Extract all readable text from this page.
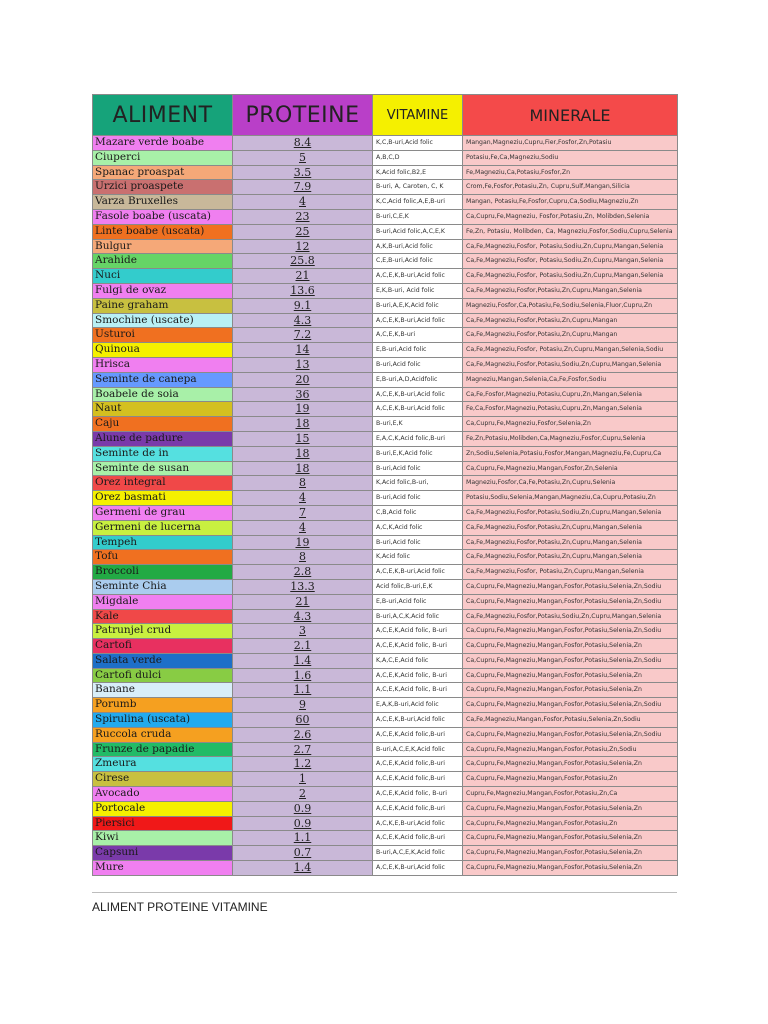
ALIMENT	PROTEINE	VITAMINE	MINERALE
Mazare verde boabe	8.4	K,C,B-uri,Acid folic	Mangan,Magneziu,Cupru,Fier,Fosfor,Zn,Potasiu
Ciuperci	5	A,B,C,D	Potasiu,Fe,Ca,Magneziu,Sodiu
Spanac proaspat	3.5	K,Acid folic,B2,E	Fe,Magneziu,Ca,Potasiu,Fosfor,Zn
Urzici proaspete	7.9	B-uri, A, Caroten, C, K	Crom,Fe,Fosfor,Potasiu,Zn, Cupru,Sulf,Mangan,Silicia
Varza Bruxelles	4	K,C,Acid folic,A,E,B-uri	Mangan, Potasiu,Fe,Fosfor,Cupru,Ca,Sodiu,Magneziu,Zn
Fasole boabe (uscata)	23	B-uri,C,E,K	Ca,Cupru,Fe,Magneziu, Fosfor,Potasiu,Zn, Molibden,Selenia
Linte boabe (uscata)	25	B-uri,Acid folic,A,C,E,K	Fe,Zn, Potasiu, Molibden, Ca, Magneziu,Fosfor,Sodiu,Cupru,Selenia
Bulgur	12	A,K,B-uri,Acid folic	Ca,Fe,Magneziu,Fosfor, Potasiu,Sodiu,Zn,Cupru,Mangan,Selenia
Arahide	25.8	C,E,B-uri,Acid folic	Ca,Fe,Magneziu,Fosfor, Potasiu,Sodiu,Zn,Cupru,Mangan,Selenia
Nuci	21	A,C,E,K,B-uri,Acid folic	Ca,Fe,Magneziu,Fosfor, Potasiu,Sodiu,Zn,Cupru,Mangan,Selenia
Fulgi de ovaz	13.6	E,K,B-uri, Acid folic	Ca,Fe,Magneziu,Fosfor,Potasiu,Zn,Cupru,Mangan,Selenia
Paine graham	9.1	B-uri,A,E,K,Acid folic	Magneziu,Fosfor,Ca,Potasiu,Fe,Sodiu,Selenia,Fluor,Cupru,Zn
Smochine (uscate)	4.3	A,C,E,K,B-uri,Acid folic	Ca,Fe,Magneziu,Fosfor,Potasiu,Zn,Cupru,Mangan
Usturoi	7.2	A,C,E,K,B-uri	Ca,Fe,Magneziu,Fosfor,Potasiu,Zn,Cupru,Mangan
Quinoua	14	E,B-uri,Acid folic	Ca,Fe,Magneziu,Fosfor, Potasiu,Zn,Cupru,Mangan,Selenia,Sodiu
Hrisca	13	B-uri,Acid folic	Ca,Fe,Magneziu,Fosfor,Potasiu,Sodiu,Zn,Cupru,Mangan,Selenia
Seminte de canepa	20	E,B-uri,A,D,Acidfolic	Magneziu,Mangan,Selenia,Ca,Fe,Fosfor,Sodiu
Boabele de soia	36	A,C,E,K,B-uri,Acid folic	Ca,Fe,Fosfor,Magneziu,Potasiu,Cupru,Zn,Mangan,Selenia
Naut	19	A,C,E,K,B-uri,Acid folic	Fe,Ca,Fosfor,Magneziu,Potasiu,Cupru,Zn,Mangan,Selenia
Caju	18	B-uri,E,K	Ca,Cupru,Fe,Magneziu,Fosfor,Selenia,Zn
Alune de padure	15	E,A,C,K,Acid folic,B-uri	Fe,Zn,Potasiu,Molibden,Ca,Magneziu,Fosfor,Cupru,Selenia
Seminte de in	18	B-uri,E,K,Acid folic	Zn,Sodiu,Selenia,Potasiu,Fosfor,Mangan,Magneziu,Fe,Cupru,Ca
Seminte de susan	18	B-uri,Acid folic	Ca,Cupru,Fe,Magneziu,Mangan,Fosfor,Zn,Selenia
Orez integral	8	K,Acid folic,B-uri,	Magneziu,Fosfor,Ca,Fe,Potasiu,Zn,Cupru,Selenia
Orez basmati	4	B-uri,Acid folic	Potasiu,Sodiu,Selenia,Mangan,Magneziu,Ca,Cupru,Potasiu,Zn
Germeni de grau	7	C,B,Acid folic	Ca,Fe,Magneziu,Fosfor,Potasiu,Sodiu,Zn,Cupru,Mangan,Selenia
Germeni de lucerna	4	A,C,K,Acid folic	Ca,Fe,Magneziu,Fosfor,Potasiu,Zn,Cupru,Mangan,Selenia
Tempeh	19	B-uri,Acid folic	Ca,Fe,Magneziu,Fosfor,Potasiu,Zn,Cupru,Mangan,Selenia
Tofu	8	K,Acid folic	Ca,Fe,Magneziu,Fosfor,Potasiu,Zn,Cupru,Mangan,Selenia
Broccoli	2.8	A,C,E,K,B-uri,Acid folic	Ca,Fe,Magneziu,Fosfor, Potasiu,Zn,Cupru,Mangan,Selenia
Seminte Chia	13.3	Acid folic,B-uri,E,K	Ca,Cupru,Fe,Magneziu,Mangan,Fosfor,Potasiu,Selenia,Zn,Sodiu
Migdale	21	E,B-uri,Acid folic	Ca,Cupru,Fe,Magneziu,Mangan,Fosfor,Potasiu,Selenia,Zn,Sodiu
Kale	4.3	B-uri,A,C,K,Acid folic	Ca,Fe,Magneziu,Fosfor,Potasiu,Sodiu,Zn,Cupru,Mangan,Selenia
Patrunjel crud	3	A,C,E,K,Acid folic, B-uri	Ca,Cupru,Fe,Magneziu,Mangan,Fosfor,Potasiu,Selenia,Zn,Sodiu
Cartofi	2.1	A,C,E,K,Acid folic, B-uri	Ca,Cupru,Fe,Magneziu,Mangan,Fosfor,Potasiu,Selenia,Zn
Salata verde	1.4	K,A,C,E,Acid folic	Ca,Cupru,Fe,Magneziu,Mangan,Fosfor,Potasiu,Selenia,Zn,Sodiu
Cartofi dulci	1.6	A,C,E,K,Acid folic, B-uri	Ca,Cupru,Fe,Magneziu,Mangan,Fosfor,Potasiu,Selenia,Zn
Banane	1.1	A,C,E,K,Acid folic, B-uri	Ca,Cupru,Fe,Magneziu,Mangan,Fosfor,Potasiu,Selenia,Zn
Porumb	9	E,A,K,B-uri,Acid folic	Ca,Cupru,Fe,Magneziu,Mangan,Fosfor,Potasiu,Selenia,Zn,Sodiu
Spirulina (uscata)	60	A,C,E,K,B-uri,Acid folic	Ca,Fe,Magneziu,Mangan,Fosfor,Potasiu,Selenia,Zn,Sodiu
Ruccola cruda	2.6	A,C,E,K,Acid folic,B-uri	Ca,Cupru,Fe,Magneziu,Mangan,Fosfor,Potasiu,Selenia,Zn,Sodiu
Frunze de papadie	2.7	B-uri,A,C,E,K,Acid folic	Ca,Cupru,Fe,Magneziu,Mangan,Fosfor,Potasiu,Zn,Sodiu
Zmeura	1.2	A,C,E,K,Acid folic,B-uri	Ca,Cupru,Fe,Magneziu,Mangan,Fosfor,Potasiu,Selenia,Zn
Cirese	1	A,C,E,K,Acid folic,B-uri	Ca,Cupru,Fe,Magneziu,Mangan,Fosfor,Potasiu,Zn
Avocado	2	A,C,E,K,Acid folic, B-uri	Cupru,Fe,Magneziu,Mangan,Fosfor,Potasiu,Zn,Ca
Portocale	0.9	A,C,E,K,Acid folic,B-uri	Ca,Cupru,Fe,Magneziu,Mangan,Fosfor,Potasiu,Selenia,Zn
Piersici	0.9	A,C,K,E,B-uri,Acid folic	Ca,Cupru,Fe,Magneziu,Mangan,Fosfor,Potasiu,Zn
Kiwi	1.1	A,C,E,K,Acid folic,B-uri	Ca,Cupru,Fe,Magneziu,Mangan,Fosfor,Potasiu,Selenia,Zn
Capsuni	0.7	B-uri,A,C,E,K,Acid folic	Ca,Cupru,Fe,Magneziu,Mangan,Fosfor,Potasiu,Selenia,Zn
Mure	1.4	A,C,E,K,B-uri,Acid folic	Ca,Cupru,Fe,Magneziu,Mangan,Fosfor,Potasiu,Selenia,Zn
ALIMENT PROTEINE VITAMINE
